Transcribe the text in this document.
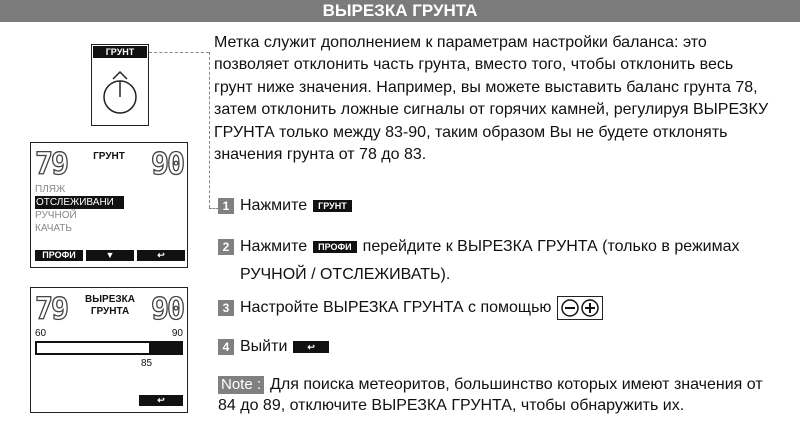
ВЫРЕЗКА ГРУНТА

Метка служит дополнением к параметрам настройки баланса: это позволяет отклонить часть грунта, вместо того, чтобы отклонить весь грунт ниже значения. Например, вы можете выставить баланс грунта 78, затем отклонить ложные сигналы от горячих камней, регулируя ВЫРЕЗКУ ГРУНТА только между 83-90, таким образом Вы не будете отклонять значения грунта от 78 до 83.

ГРУНТ
79	ГРУНТ 90
ПЛЯЖ
ОТСЛЕЖИВАНИ
РУЧНОЙ
КАЧАТЬ
ПРОФИ	▼	↩
79	ВЫРЕЗКА
ГРУНТА 90
60	90
85
↩
1 Нажмите	ГРУНТ
2 Нажмите	ПРОФИ перейдите к ВЫРЕЗКА ГРУНТА (только в режимах
РУЧНОЙ / ОТСЛЕЖИВАТЬ).
3 Настройте ВЫРЕЗКА ГРУНТА с помощью
4 Выйти	↩
Note : Для поиска метеоритов, большинство которых имеют значения от 84 до 89, отключите ВЫРЕЗКА ГРУНТА, чтобы обнаружить их.
